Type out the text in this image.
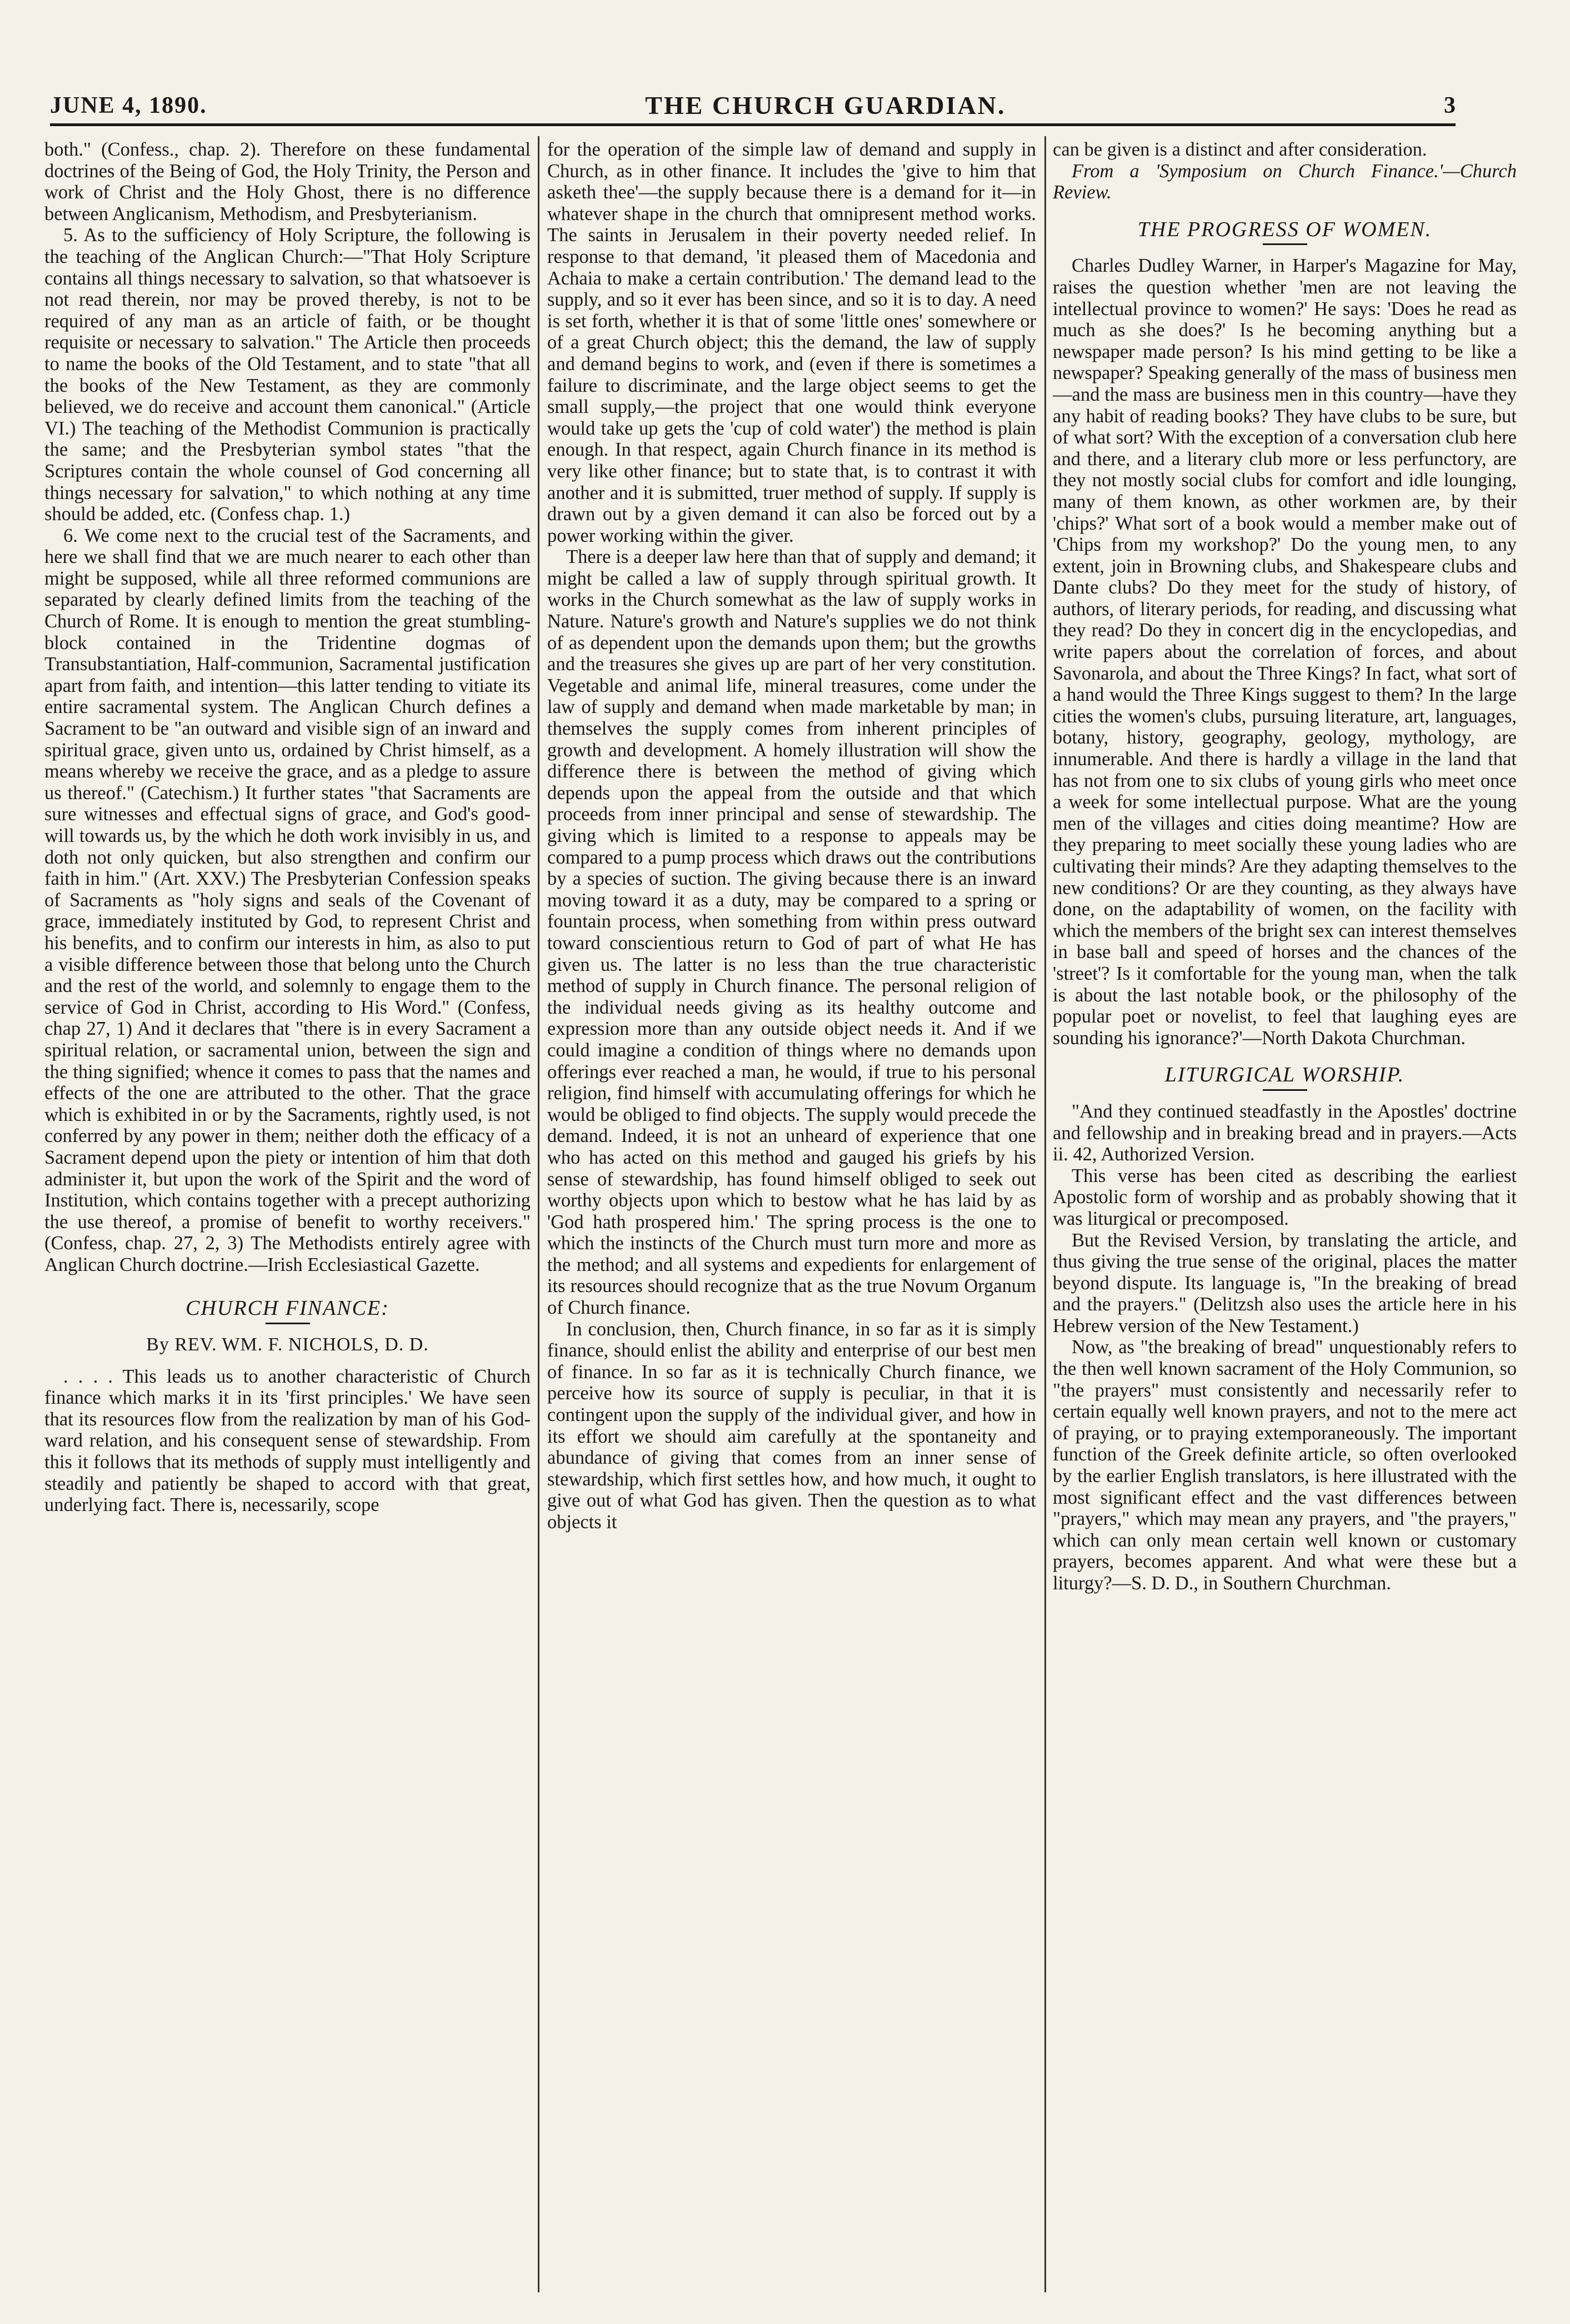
JUNE 4, 1890.	THE CHURCH GUARDIAN.	3

both." (Confess., chap. 2). Therefore on these fundamental doctrines of the Being of God, the Holy Trinity, the Person and work of Christ and the Holy Ghost, there is no difference between Anglicanism, Methodism, and Presbyterianism.

5. As to the sufficiency of Holy Scripture, the following is the teaching of the Anglican Church:—"That Holy Scripture contains all things necessary to salvation, so that whatsoever is not read therein, nor may be proved thereby, is not to be required of any man as an article of faith, or be thought requisite or necessary to salvation." The Article then proceeds to name the books of the Old Testament, and to state "that all the books of the New Testament, as they are commonly believed, we do receive and account them canonical." (Article VI.) The teaching of the Methodist Communion is practically the same; and the Presbyterian symbol states "that the Scriptures contain the whole counsel of God concerning all things necessary for salvation," to which nothing at any time should be added, etc. (Confess chap. 1.)

6. We come next to the crucial test of the Sacraments, and here we shall find that we are much nearer to each other than might be supposed, while all three reformed communions are separated by clearly defined limits from the teaching of the Church of Rome. It is enough to mention the great stumbling-block contained in the Tridentine dogmas of Transubstantiation, Half-communion, Sacramental justification apart from faith, and intention—this latter tending to vitiate its entire sacramental system. The Anglican Church defines a Sacrament to be "an outward and visible sign of an inward and spiritual grace, given unto us, ordained by Christ himself, as a means whereby we receive the grace, and as a pledge to assure us thereof." (Catechism.) It further states "that Sacraments are sure witnesses and effectual signs of grace, and God's good-will towards us, by the which he doth work invisibly in us, and doth not only quicken, but also strengthen and confirm our faith in him." (Art. XXV.) The Presbyterian Confession speaks of Sacraments as "holy signs and seals of the Covenant of grace, immediately instituted by God, to represent Christ and his benefits, and to confirm our interests in him, as also to put a visible difference between those that belong unto the Church and the rest of the world, and solemnly to engage them to the service of God in Christ, according to His Word." (Confess, chap 27, 1) And it declares that "there is in every Sacrament a spiritual relation, or sacramental union, between the sign and the thing signified; whence it comes to pass that the names and effects of the one are attributed to the other. That the grace which is exhibited in or by the Sacraments, rightly used, is not conferred by any power in them; neither doth the efficacy of a Sacrament depend upon the piety or intention of him that doth administer it, but upon the work of the Spirit and the word of Institution, which contains together with a precept authorizing the use thereof, a promise of benefit to worthy receivers." (Confess, chap. 27, 2, 3) The Methodists entirely agree with Anglican Church doctrine.—Irish Ecclesiastical Gazette.

CHURCH FINANCE:
By REV. WM. F. NICHOLS, D. D.

. . . . This leads us to another characteristic of Church finance which marks it in its 'first principles.' We have seen that its resources flow from the realization by man of his God-ward relation, and his consequent sense of stewardship. From this it follows that its methods of supply must intelligently and steadily and patiently be shaped to accord with that great, underlying fact. There is, necessarily, scope

for the operation of the simple law of demand and supply in Church, as in other finance. It includes the 'give to him that asketh thee'—the supply because there is a demand for it—in whatever shape in the church that omnipresent method works. The saints in Jerusalem in their poverty needed relief. In response to that demand, 'it pleased them of Macedonia and Achaia to make a certain contribution.' The demand lead to the supply, and so it ever has been since, and so it is to day. A need is set forth, whether it is that of some 'little ones' somewhere or of a great Church object; this the demand, the law of supply and demand begins to work, and (even if there is sometimes a failure to discriminate, and the large object seems to get the small supply,—the project that one would think everyone would take up gets the 'cup of cold water') the method is plain enough. In that respect, again Church finance in its method is very like other finance; but to state that, is to contrast it with another and it is submitted, truer method of supply. If supply is drawn out by a given demand it can also be forced out by a power working within the giver.

There is a deeper law here than that of supply and demand; it might be called a law of supply through spiritual growth. It works in the Church somewhat as the law of supply works in Nature. Nature's growth and Nature's supplies we do not think of as dependent upon the demands upon them; but the growths and the treasures she gives up are part of her very constitution. Vegetable and animal life, mineral treasures, come under the law of supply and demand when made marketable by man; in themselves the supply comes from inherent principles of growth and development. A homely illustration will show the difference there is between the method of giving which depends upon the appeal from the outside and that which proceeds from inner principal and sense of stewardship. The giving which is limited to a response to appeals may be compared to a pump process which draws out the contributions by a species of suction. The giving because there is an inward moving toward it as a duty, may be compared to a spring or fountain process, when something from within press outward toward conscientious return to God of part of what He has given us. The latter is no less than the true characteristic method of supply in Church finance. The personal religion of the individual needs giving as its healthy outcome and expression more than any outside object needs it. And if we could imagine a condition of things where no demands upon offerings ever reached a man, he would, if true to his personal religion, find himself with accumulating offerings for which he would be obliged to find objects. The supply would precede the demand. Indeed, it is not an unheard of experience that one who has acted on this method and gauged his griefs by his sense of stewardship, has found himself obliged to seek out worthy objects upon which to bestow what he has laid by as 'God hath prospered him.' The spring process is the one to which the instincts of the Church must turn more and more as the method; and all systems and expedients for enlargement of its resources should recognize that as the true Novum Organum of Church finance.

In conclusion, then, Church finance, in so far as it is simply finance, should enlist the ability and enterprise of our best men of finance. In so far as it is technically Church finance, we perceive how its source of supply is peculiar, in that it is contingent upon the supply of the individual giver, and how in its effort we should aim carefully at the spontaneity and abundance of giving that comes from an inner sense of stewardship, which first settles how, and how much, it ought to give out of what God has given. Then the question as to what objects it

can be given is a distinct and after consideration.

From a 'Symposium on Church Finance.'—Church Review.

THE PROGRESS OF WOMEN.

Charles Dudley Warner, in Harper's Magazine for May, raises the question whether 'men are not leaving the intellectual province to women?' He says: 'Does he read as much as she does?' Is he becoming anything but a newspaper made person? Is his mind getting to be like a newspaper? Speaking generally of the mass of business men—and the mass are business men in this country—have they any habit of reading books? They have clubs to be sure, but of what sort? With the exception of a conversation club here and there, and a literary club more or less perfunctory, are they not mostly social clubs for comfort and idle lounging, many of them known, as other workmen are, by their 'chips?' What sort of a book would a member make out of 'Chips from my workshop?' Do the young men, to any extent, join in Browning clubs, and Shakespeare clubs and Dante clubs? Do they meet for the study of history, of authors, of literary periods, for reading, and discussing what they read? Do they in concert dig in the encyclopedias, and write papers about the correlation of forces, and about Savonarola, and about the Three Kings? In fact, what sort of a hand would the Three Kings suggest to them? In the large cities the women's clubs, pursuing literature, art, languages, botany, history, geography, geology, mythology, are innumerable. And there is hardly a village in the land that has not from one to six clubs of young girls who meet once a week for some intellectual purpose. What are the young men of the villages and cities doing meantime? How are they preparing to meet socially these young ladies who are cultivating their minds? Are they adapting themselves to the new conditions? Or are they counting, as they always have done, on the adaptability of women, on the facility with which the members of the bright sex can interest themselves in base ball and speed of horses and the chances of the 'street'? Is it comfortable for the young man, when the talk is about the last notable book, or the philosophy of the popular poet or novelist, to feel that laughing eyes are sounding his ignorance?'—North Dakota Churchman.

LITURGICAL WORSHIP.

"And they continued steadfastly in the Apostles' doctrine and fellowship and in breaking bread and in prayers.—Acts ii. 42, Authorized Version.

This verse has been cited as describing the earliest Apostolic form of worship and as probably showing that it was liturgical or precomposed.

But the Revised Version, by translating the article, and thus giving the true sense of the original, places the matter beyond dispute. Its language is, "In the breaking of bread and the prayers." (Delitzsh also uses the article here in his Hebrew version of the New Testament.)

Now, as "the breaking of bread" unquestionably refers to the then well known sacrament of the Holy Communion, so "the prayers" must consistently and necessarily refer to certain equally well known prayers, and not to the mere act of praying, or to praying extemporaneously. The important function of the Greek definite article, so often overlooked by the earlier English translators, is here illustrated with the most significant effect and the vast differences between "prayers," which may mean any prayers, and "the prayers," which can only mean certain well known or customary prayers, becomes apparent. And what were these but a liturgy?—S. D. D., in Southern Churchman.
